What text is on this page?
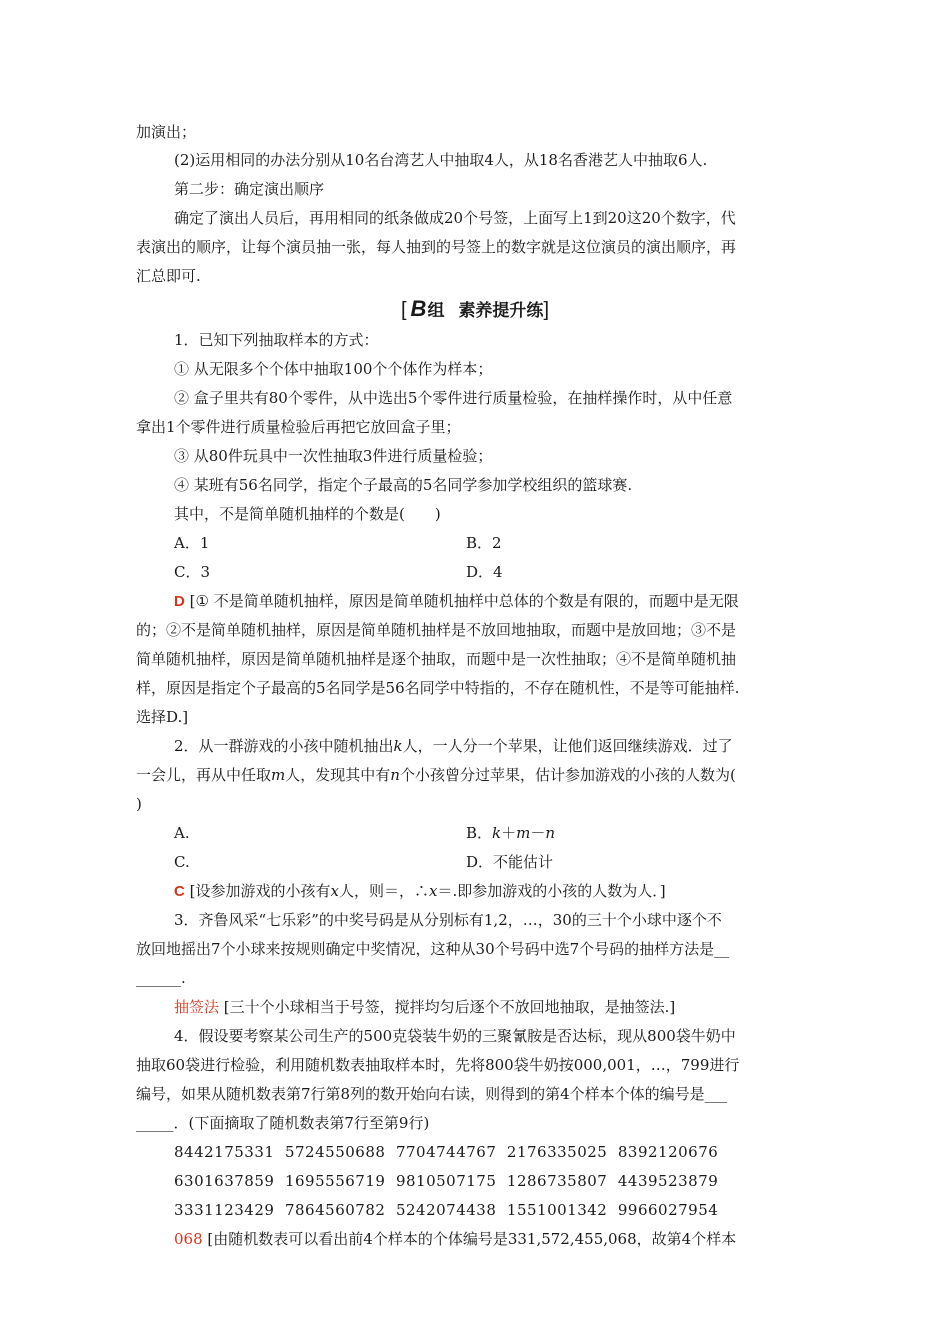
加演出；
(2)运用相同的办法分别从10名台湾艺人中抽取4人，从18名香港艺人中抽取6人.
第二步：确定演出顺序
确定了演出人员后，再用相同的纸条做成20个号签，上面写上1到20这20个数字，代
表演出的顺序，让每个演员抽一张，每人抽到的号签上的数字就是这位演员的演出顺序，再
汇总即可.
[ B组 素养提升练]
1．已知下列抽取样本的方式：
① 从无限多个个体中抽取100个个体作为样本；
② 盒子里共有80个零件，从中选出5个零件进行质量检验，在抽样操作时，从中任意
拿出1个零件进行质量检验后再把它放回盒子里；
③ 从80件玩具中一次性抽取3件进行质量检验；
④ 某班有56名同学，指定个子最高的5名同学参加学校组织的篮球赛.
其中，不是简单随机抽样的个数是(　　)
A．1	B．2
C．3	D．4
D [① 不是简单随机抽样，原因是简单随机抽样中总体的个数是有限的，而题中是无限
的；②不是简单随机抽样，原因是简单随机抽样是不放回地抽取，而题中是放回地；③不是
简单随机抽样，原因是简单随机抽样是逐个抽取，而题中是一次性抽取；④不是简单随机抽
样，原因是指定个子最高的5名同学是56名同学中特指的，不存在随机性，不是等可能抽样.
选择D.]
2．从一群游戏的小孩中随机抽出k人，一人分一个苹果，让他们返回继续游戏．过了
一会儿，再从中任取m人，发现其中有n个小孩曾分过苹果，估计参加游戏的小孩的人数为(
)
A.	B．k＋m－n
C.	D．不能估计
C [设参加游戏的小孩有x人，则＝，∴x＝.即参加游戏的小孩的人数为人．]
3．齐鲁风采“七乐彩”的中奖号码是从分别标有1,2，…，30的三十个小球中逐个不
放回地摇出7个小球来按规则确定中奖情况，这种从30个号码中选7个号码的抽样方法是__
______.
抽签法 [三十个小球相当于号签，搅拌均匀后逐个不放回地抽取，是抽签法.]
4．假设要考察某公司生产的500克袋装牛奶的三聚氰胺是否达标，现从800袋牛奶中
抽取60袋进行检验，利用随机数表抽取样本时，先将800袋牛奶按000,001，…，799进行
编号，如果从随机数表第7行第8列的数开始向右读，则得到的第4个样本个体的编号是___
_____．(下面摘取了随机数表第7行至第9行)
8442175331  5724550688  7704744767  2176335025  8392120676
6301637859  1695556719  9810507175  1286735807  4439523879
3331123429  7864560782  5242074438  1551001342  9966027954
068 [由随机数表可以看出前4个样本的个体编号是331,572,455,068，故第4个样本
